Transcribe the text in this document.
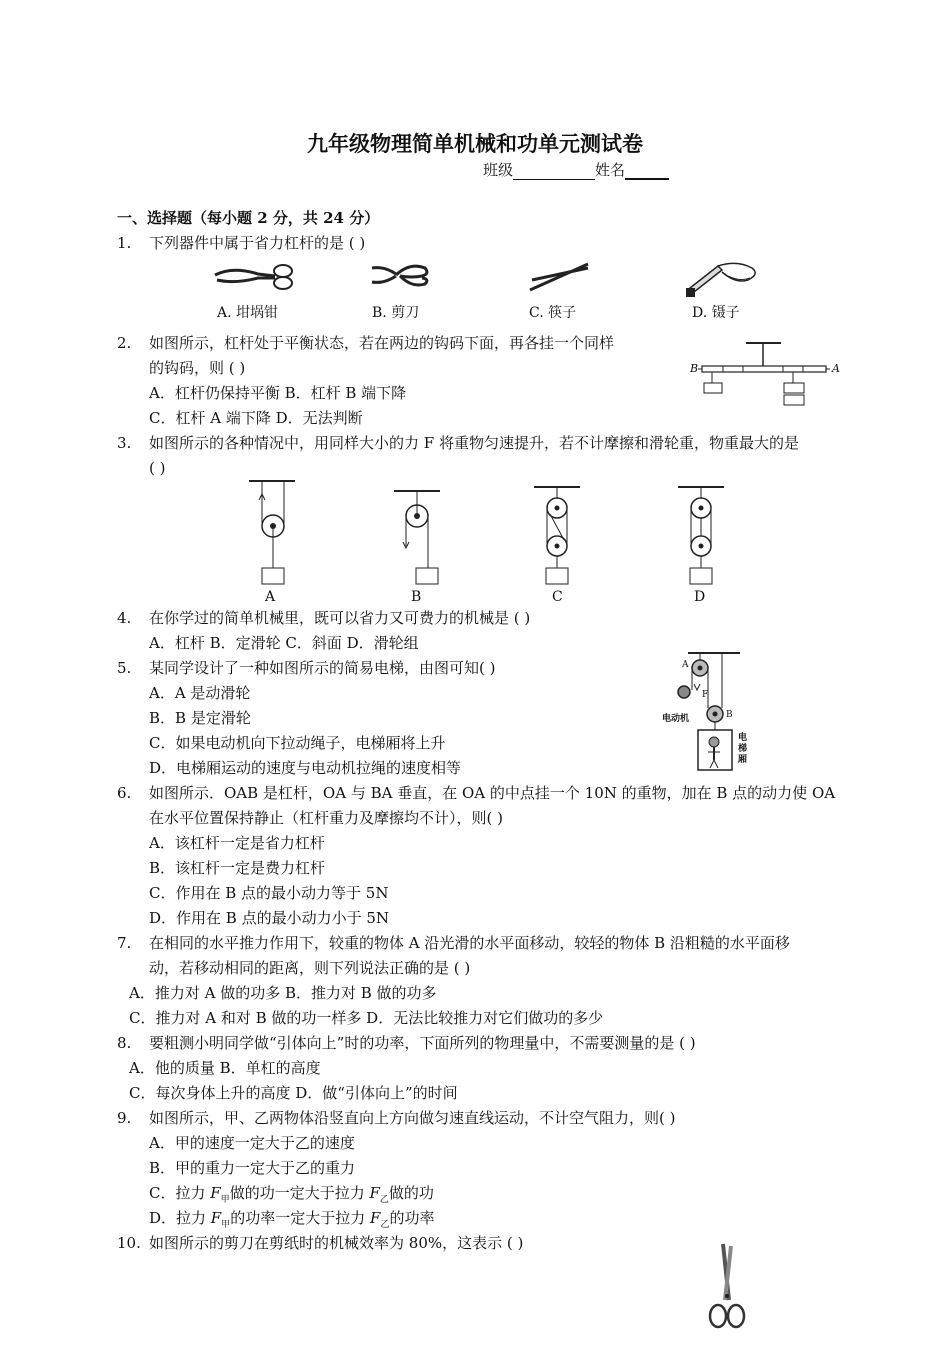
九年级物理简单机械和功单元测试卷
班级	姓名
一、选择题（每小题 2 分，共 24 分）
1. 下列器件中属于省力杠杆的是 ( )
A. 坩埚钳	B. 剪刀	C. 筷子	D. 镊子
2. 如图所示，杠杆处于平衡状态，若在两边的钩码下面，再各挂一个同样
的钩码，则 ( )
A．杠杆仍保持平衡 B．杠杆 B 端下降
C．杠杆 A 端下降 D．无法判断
B	A
3. 如图所示的各种情况中，用同样大小的力 F 将重物匀速提升，若不计摩擦和滑轮重，物重最大的是
( )
A	B	C	D
4. 在你学过的简单机械里，既可以省力又可费力的机械是 ( )
A．杠杆 B．定滑轮 C．斜面 D．滑轮组
5. 某同学设计了一种如图所示的简易电梯，由图可知( )
A．A 是动滑轮
B．B 是定滑轮
C．如果电动机向下拉动绳子，电梯厢将上升
D．电梯厢运动的速度与电动机拉绳的速度相等
A
F
B
电动机
电梯厢
6. 如图所示．OAB 是杠杆，OA 与 BA 垂直，在 OA 的中点挂一个 10N 的重物，加在 B 点的动力使 OA
在水平位置保持静止（杠杆重力及摩擦均不计），则( )
A．该杠杆一定是省力杠杆
B．该杠杆一定是费力杠杆
C．作用在 B 点的最小动力等于 5N
D．作用在 B 点的最小动力小于 5N
7. 在相同的水平推力作用下，较重的物体 A 沿光滑的水平面移动，较轻的物体 B 沿粗糙的水平面移
动，若移动相同的距离，则下列说法正确的是 ( )
A．推力对 A 做的功多 B．推力对 B 做的功多
C．推力对 A 和对 B 做的功一样多 D．无法比较推力对它们做功的多少
8. 要粗测小明同学做“引体向上”时的功率，下面所列的物理量中，不需要测量的是 ( )
A．他的质量 B．单杠的高度
C．每次身体上升的高度 D．做“引体向上”的时间
9. 如图所示，甲、乙两物体沿竖直向上方向做匀速直线运动，不计空气阻力，则( )
A．甲的速度一定大于乙的速度
B．甲的重力一定大于乙的重力
C．拉力 $F_甲$做的功一定大于拉力 $F_乙$做的功
D．拉力 $F_甲$的功率一定大于拉力 $F_乙$的功率
10. 如图所示的剪刀在剪纸时的机械效率为 80%，这表示 ( )
